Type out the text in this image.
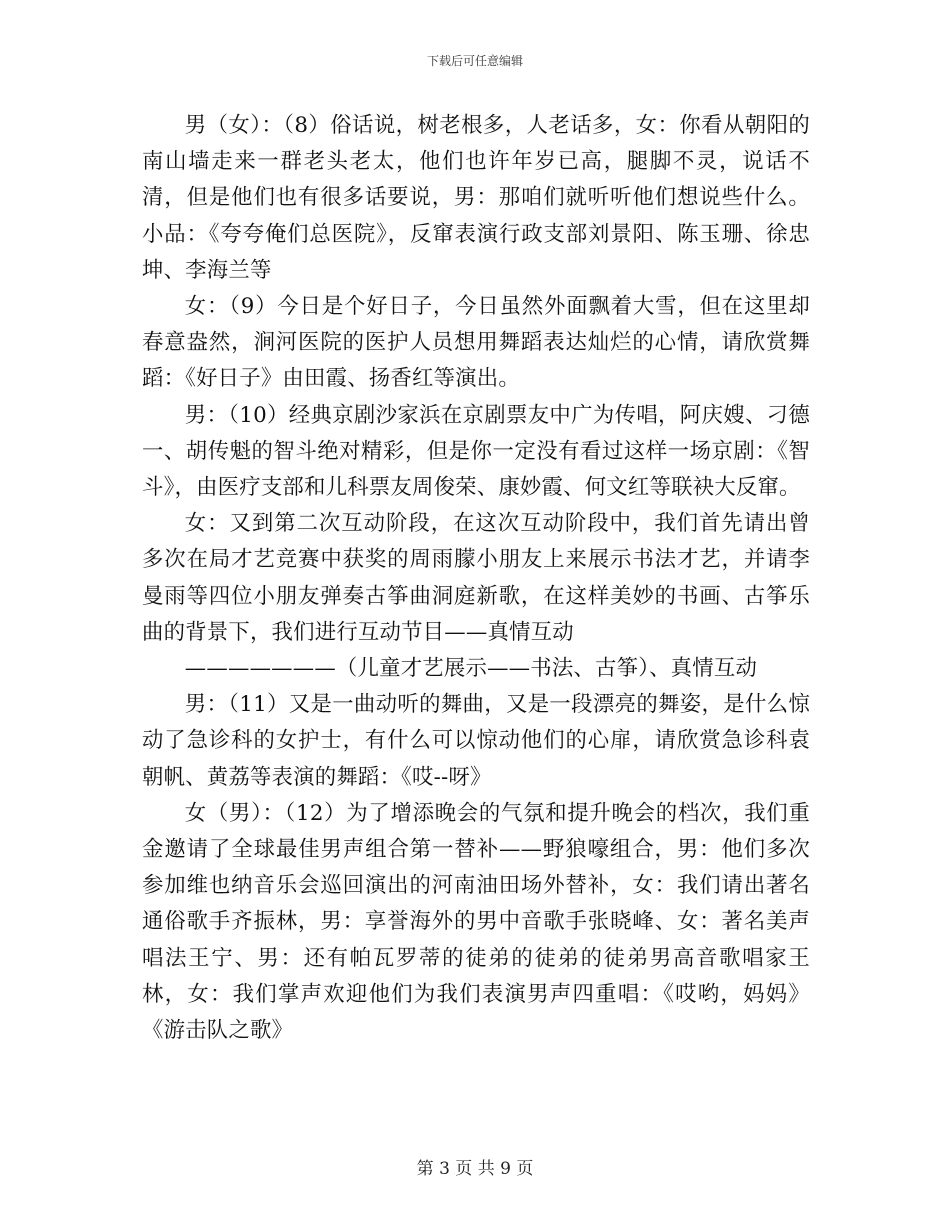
下载后可任意编辑

男（女）：（8）俗话说，树老根多，人老话多，女：你看从朝阳的南山墙走来一群老头老太，他们也许年岁已高，腿脚不灵，说话不清，但是他们也有很多话要说，男：那咱们就听听他们想说些什么。小品：《夸夸俺们总医院》，反窜表演行政支部刘景阳、陈玉珊、徐忠坤、李海兰等

女：（9）今日是个好日子，今日虽然外面飘着大雪，但在这里却春意盎然，涧河医院的医护人员想用舞蹈表达灿烂的心情，请欣赏舞蹈：《好日子》由田霞、扬香红等演出。

男：（10）经典京剧沙家浜在京剧票友中广为传唱，阿庆嫂、刁德一、胡传魁的智斗绝对精彩，但是你一定没有看过这样一场京剧：《智斗》，由医疗支部和儿科票友周俊荣、康妙霞、何文红等联袂大反窜。

女：又到第二次互动阶段，在这次互动阶段中，我们首先请出曾多次在局才艺竞赛中获奖的周雨朦小朋友上来展示书法才艺，并请李曼雨等四位小朋友弹奏古筝曲洞庭新歌，在这样美妙的书画、古筝乐曲的背景下，我们进行互动节目——真情互动

———————（儿童才艺展示——书法、古筝）、真情互动

男：（11）又是一曲动听的舞曲，又是一段漂亮的舞姿，是什么惊动了急诊科的女护士，有什么可以惊动他们的心扉，请欣赏急诊科袁朝帆、黄荔等表演的舞蹈：《哎--呀》

女（男）：（12）为了增添晚会的气氛和提升晚会的档次，我们重金邀请了全球最佳男声组合第一替补——野狼嚎组合，男：他们多次参加维也纳音乐会巡回演出的河南油田场外替补，女：我们请出著名通俗歌手齐振林，男：享誉海外的男中音歌手张晓峰、女：著名美声唱法王宁、男：还有帕瓦罗蒂的徒弟的徒弟的徒弟男高音歌唱家王林，女：我们掌声欢迎他们为我们表演男声四重唱：《哎哟，妈妈》《游击队之歌》

第 3 页 共 9 页
